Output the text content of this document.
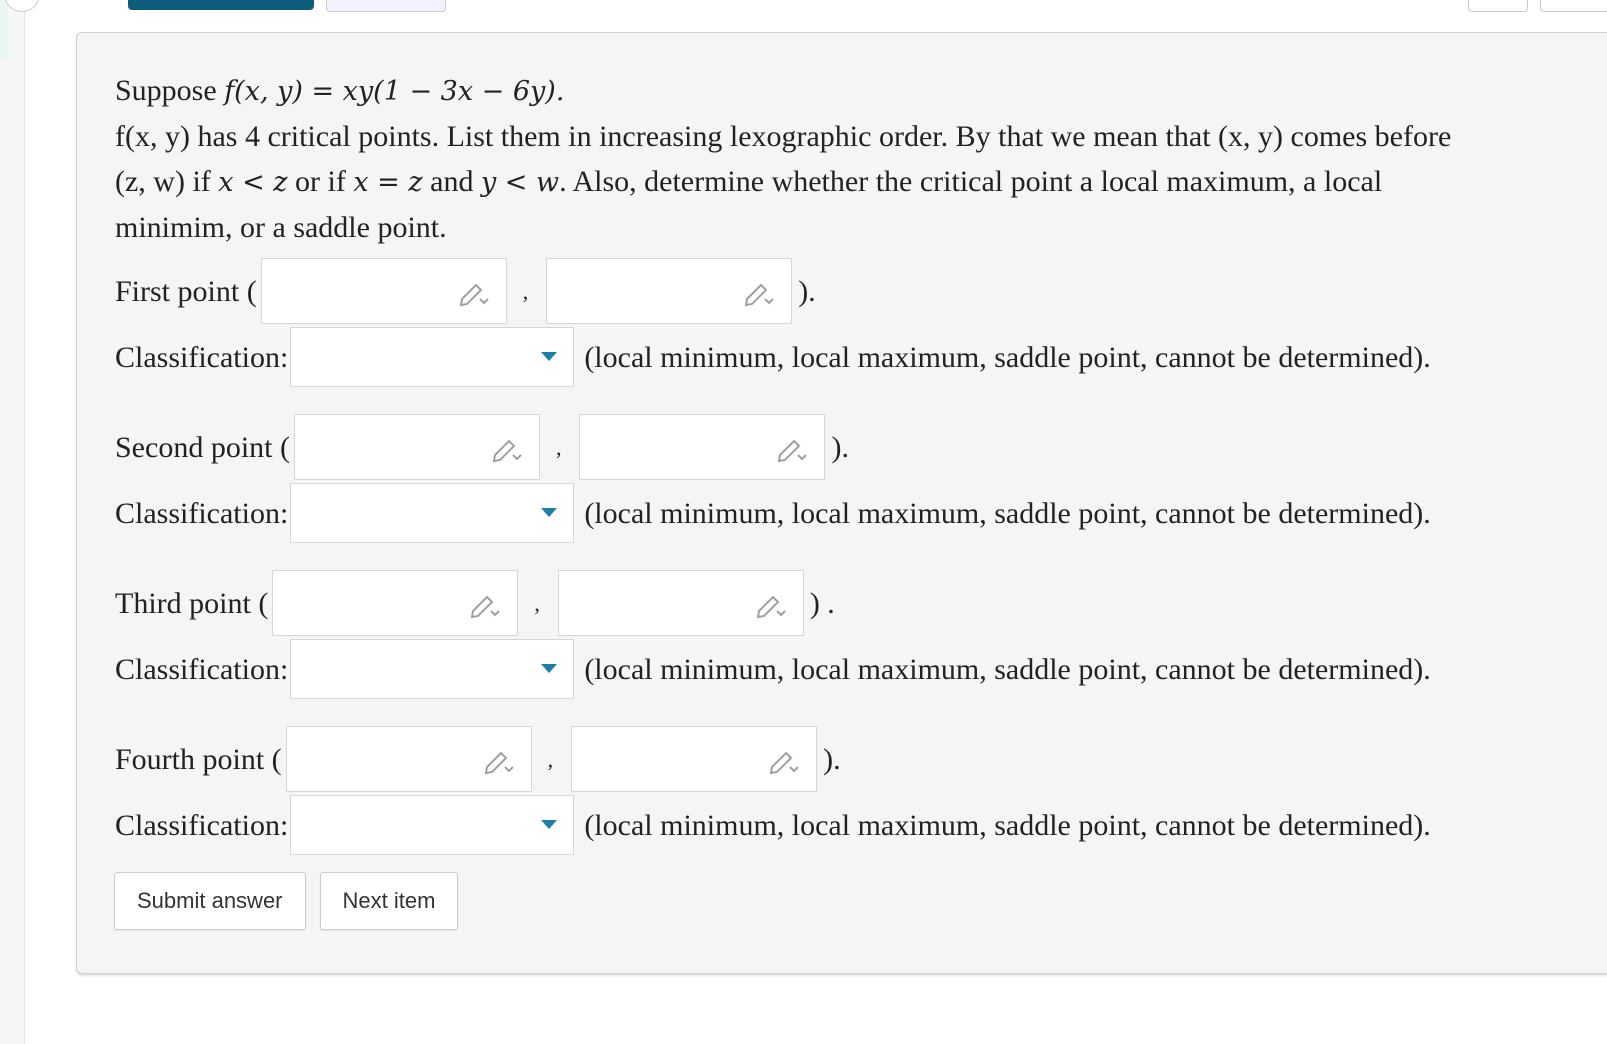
Suppose f(x, y) = xy(1 − 3x − 6y).
f(x, y) has 4 critical points. List them in increasing lexographic order. By that we mean that (x, y) comes before
(z, w) if x < z or if x = z and y < w. Also, determine whether the critical point a local maximum, a local
minimim, or a saddle point.
First point (	,	).
Classification:	(local minimum, local maximum, saddle point, cannot be determined).
Second point (	,	).
Classification:	(local minimum, local maximum, saddle point, cannot be determined).
Third point (	,	) .
Classification:	(local minimum, local maximum, saddle point, cannot be determined).
Fourth point (	,	).
Classification:	(local minimum, local maximum, saddle point, cannot be determined).
Submit answer	Next item
